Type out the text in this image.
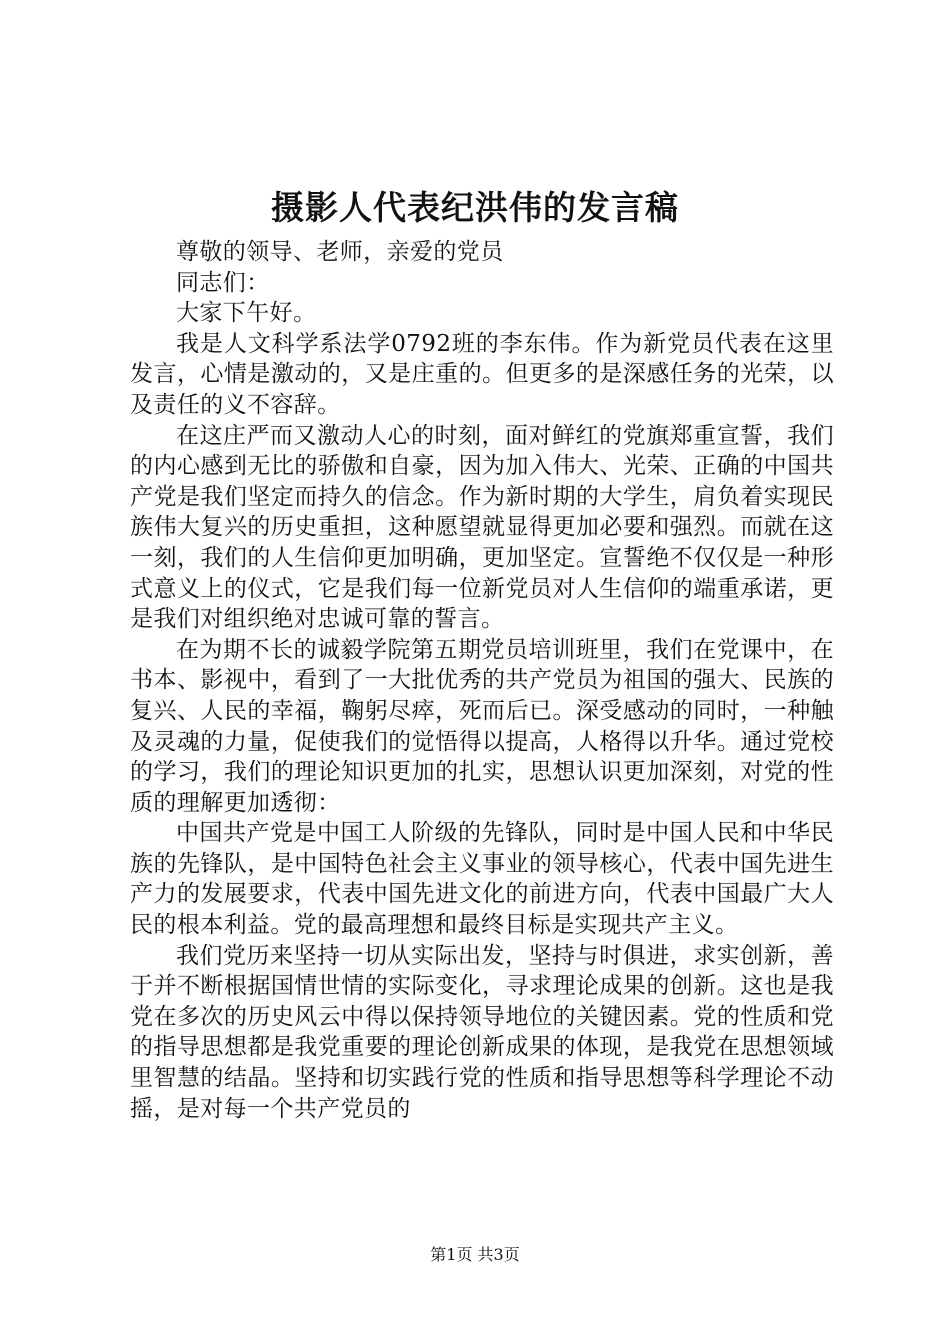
摄影人代表纪洪伟的发言稿

尊敬的领导、老师，亲爱的党员

同志们：

大家下午好。

我是人文科学系法学0792班的李东伟。作为新党员代表在这里发言，心情是激动的，又是庄重的。但更多的是深感任务的光荣，以及责任的义不容辞。

在这庄严而又激动人心的时刻，面对鲜红的党旗郑重宣誓，我们的内心感到无比的骄傲和自豪，因为加入伟大、光荣、正确的中国共产党是我们坚定而持久的信念。作为新时期的大学生，肩负着实现民族伟大复兴的历史重担，这种愿望就显得更加必要和强烈。而就在这一刻，我们的人生信仰更加明确，更加坚定。宣誓绝不仅仅是一种形式意义上的仪式，它是我们每一位新党员对人生信仰的端重承诺，更是我们对组织绝对忠诚可靠的誓言。

在为期不长的诚毅学院第五期党员培训班里，我们在党课中，在书本、影视中，看到了一大批优秀的共产党员为祖国的强大、民族的复兴、人民的幸福，鞠躬尽瘁，死而后已。深受感动的同时，一种触及灵魂的力量，促使我们的觉悟得以提高，人格得以升华。通过党校的学习，我们的理论知识更加的扎实，思想认识更加深刻，对党的性质的理解更加透彻：

中国共产党是中国工人阶级的先锋队，同时是中国人民和中华民族的先锋队，是中国特色社会主义事业的领导核心，代表中国先进生产力的发展要求，代表中国先进文化的前进方向，代表中国最广大人民的根本利益。党的最高理想和最终目标是实现共产主义。

我们党历来坚持一切从实际出发，坚持与时俱进，求实创新，善于并不断根据国情世情的实际变化，寻求理论成果的创新。这也是我党在多次的历史风云中得以保持领导地位的关键因素。党的性质和党的指导思想都是我党重要的理论创新成果的体现，是我党在思想领域里智慧的结晶。坚持和切实践行党的性质和指导思想等科学理论不动摇，是对每一个共产党员的

第1页 共3页
